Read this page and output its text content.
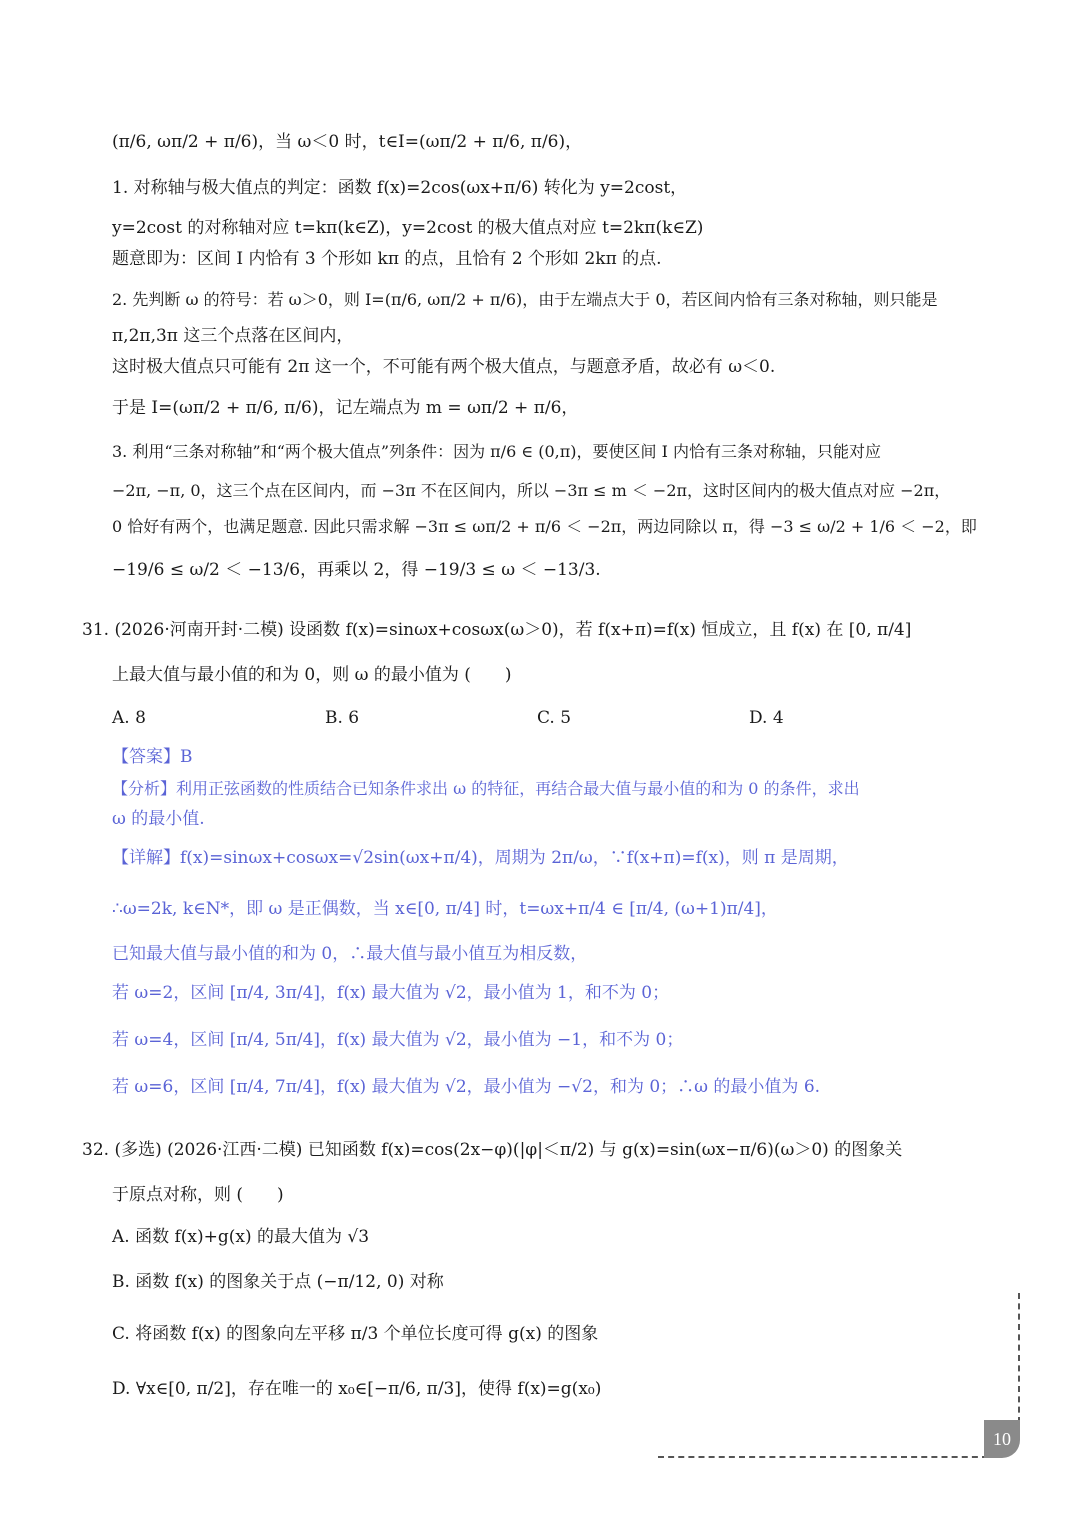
(π/6, ωπ/2 + π/6)，当 ω＜0 时，t∈I=(ωπ/2 + π/6, π/6)，
1. 对称轴与极大值点的判定：函数 f(x)=2cos(ωx+π/6) 转化为 y=2cost，
y=2cost 的对称轴对应 t=kπ(k∈Z)，y=2cost 的极大值点对应 t=2kπ(k∈Z)
题意即为：区间 I 内恰有 3 个形如 kπ 的点，且恰有 2 个形如 2kπ 的点.
2. 先判断 ω 的符号：若 ω＞0，则 I=(π/6, ωπ/2 + π/6)，由于左端点大于 0，若区间内恰有三条对称轴，则只能是
π,2π,3π 这三个点落在区间内，
这时极大值点只可能有 2π 这一个，不可能有两个极大值点，与题意矛盾，故必有 ω＜0.
于是 I=(ωπ/2 + π/6, π/6)，记左端点为 m = ωπ/2 + π/6，
3. 利用“三条对称轴”和“两个极大值点”列条件：因为 π/6 ∈ (0,π)，要使区间 I 内恰有三条对称轴，只能对应
−2π, −π, 0，这三个点在区间内，而 −3π 不在区间内，所以 −3π ≤ m ＜ −2π，这时区间内的极大值点对应 −2π，
0 恰好有两个，也满足题意. 因此只需求解 −3π ≤ ωπ/2 + π/6 ＜ −2π，两边同除以 π，得 −3 ≤ ω/2 + 1/6 ＜ −2，即
−19/6 ≤ ω/2 ＜ −13/6，再乘以 2，得 −19/3 ≤ ω ＜ −13/3.
31. (2026·河南开封·二模) 设函数 f(x)=sinωx+cosωx(ω＞0)，若 f(x+π)=f(x) 恒成立，且 f(x) 在 [0, π/4]
上最大值与最小值的和为 0，则 ω 的最小值为 (　　)
A. 8	B. 6	C. 5	D. 4
【答案】B
【分析】利用正弦函数的性质结合已知条件求出 ω 的特征，再结合最大值与最小值的和为 0 的条件，求出
ω 的最小值.
【详解】f(x)=sinωx+cosωx=√2sin(ωx+π/4)，周期为 2π/ω，∵f(x+π)=f(x)，则 π 是周期，
∴ω=2k, k∈N*，即 ω 是正偶数，当 x∈[0, π/4] 时，t=ωx+π/4 ∈ [π/4, (ω+1)π/4]，
已知最大值与最小值的和为 0，∴最大值与最小值互为相反数，
若 ω=2，区间 [π/4, 3π/4]，f(x) 最大值为 √2，最小值为 1，和不为 0；
若 ω=4，区间 [π/4, 5π/4]，f(x) 最大值为 √2，最小值为 −1，和不为 0；
若 ω=6，区间 [π/4, 7π/4]，f(x) 最大值为 √2，最小值为 −√2，和为 0；∴ω 的最小值为 6.
32. (多选) (2026·江西·二模) 已知函数 f(x)=cos(2x−φ)(|φ|＜π/2) 与 g(x)=sin(ωx−π/6)(ω＞0) 的图象关
于原点对称，则 (　　)
A. 函数 f(x)+g(x) 的最大值为 √3
B. 函数 f(x) 的图象关于点 (−π/12, 0) 对称
C. 将函数 f(x) 的图象向左平移 π/3 个单位长度可得 g(x) 的图象
D. ∀x∈[0, π/2]，存在唯一的 x₀∈[−π/6, π/3]，使得 f(x)=g(x₀)
10
